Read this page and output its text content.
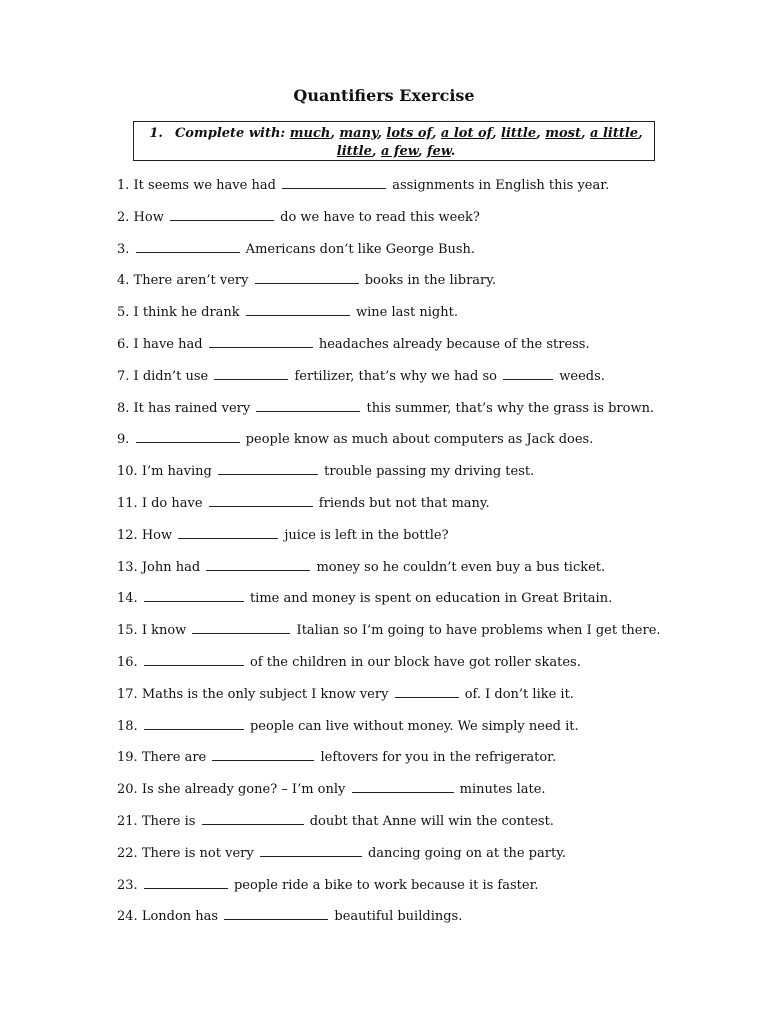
Quantifiers Exercise
1. Complete with: much, many, lots of, a lot of, little, most, a little, little, a few, few.
1. It seems we have had	assignments in English this year.
2. How	do we have to read this week?
3.	Americans don’t like George Bush.
4. There aren’t very	books in the library.
5. I think he drank	wine last night.
6. I have had	headaches already because of the stress.
7. I didn’t use	fertilizer, that’s why we had so	weeds.
8. It has rained very	this summer, that’s why the grass is brown.
9.	people know as much about computers as Jack does.
10. I’m having	trouble passing my driving test.
11. I do have	friends but not that many.
12. How	juice is left in the bottle?
13. John had	money so he couldn’t even buy a bus ticket.
14.	time and money is spent on education in Great Britain.
15. I know	Italian so I’m going to have problems when I get there.
16.	of the children in our block have got roller skates.
17. Maths is the only subject I know very	of. I don’t like it.
18.	people can live without money. We simply need it.
19. There are	leftovers for you in the refrigerator.
20. Is she already gone? – I’m only	minutes late.
21. There is	doubt that Anne will win the contest.
22. There is not very	dancing going on at the party.
23.	people ride a bike to work because it is faster.
24. London has	beautiful buildings.
